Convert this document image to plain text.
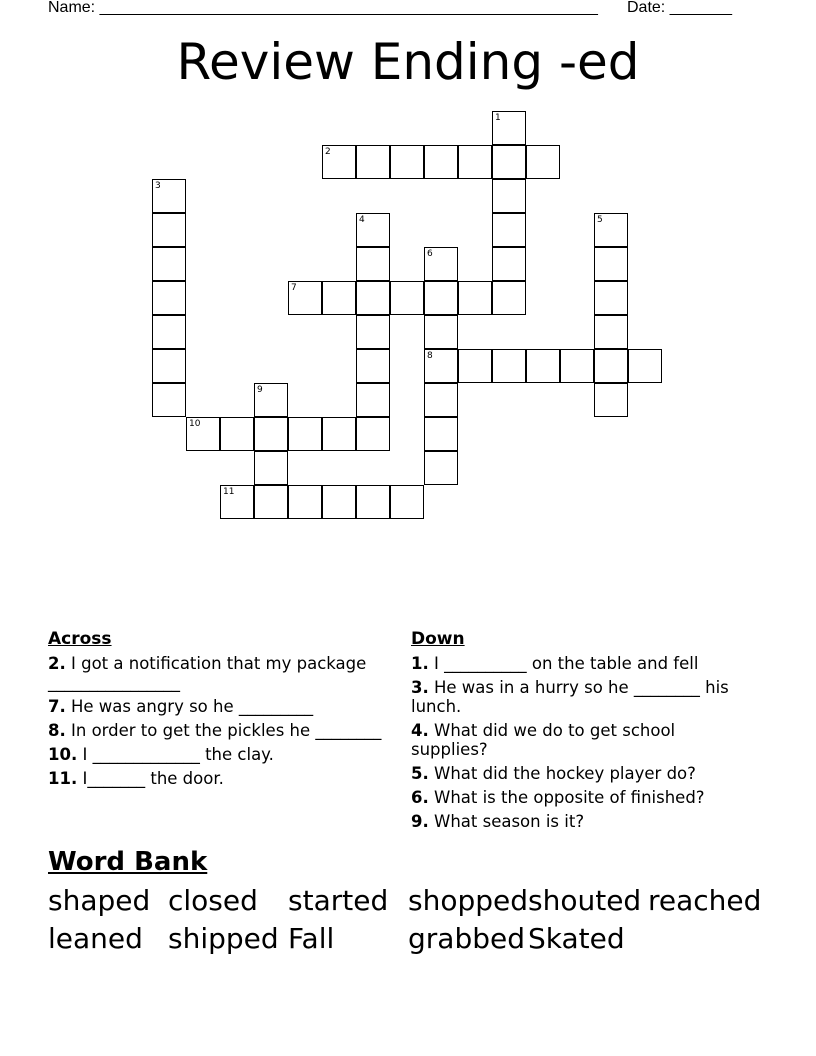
Name: ________________________________________________________ Date: _______
Review Ending -ed
1
2
3
4	5
6
8
7
9
10
11
Across
2. I got a notification that my package ________________
7. He was angry so he _________
8. In order to get the pickles he ________
10. I _____________ the clay.
11. I_______ the door.
Down
1. I __________ on the table and fell
3. He was in a hurry so he ________ his lunch.
4. What did we do to get school supplies?
5. What did the hockey player do?
6. What is the opposite of finished?
9. What season is it?
Word Bank
shaped closed	started shopped shouted reached
leaned shipped Fall	grabbed Skated
